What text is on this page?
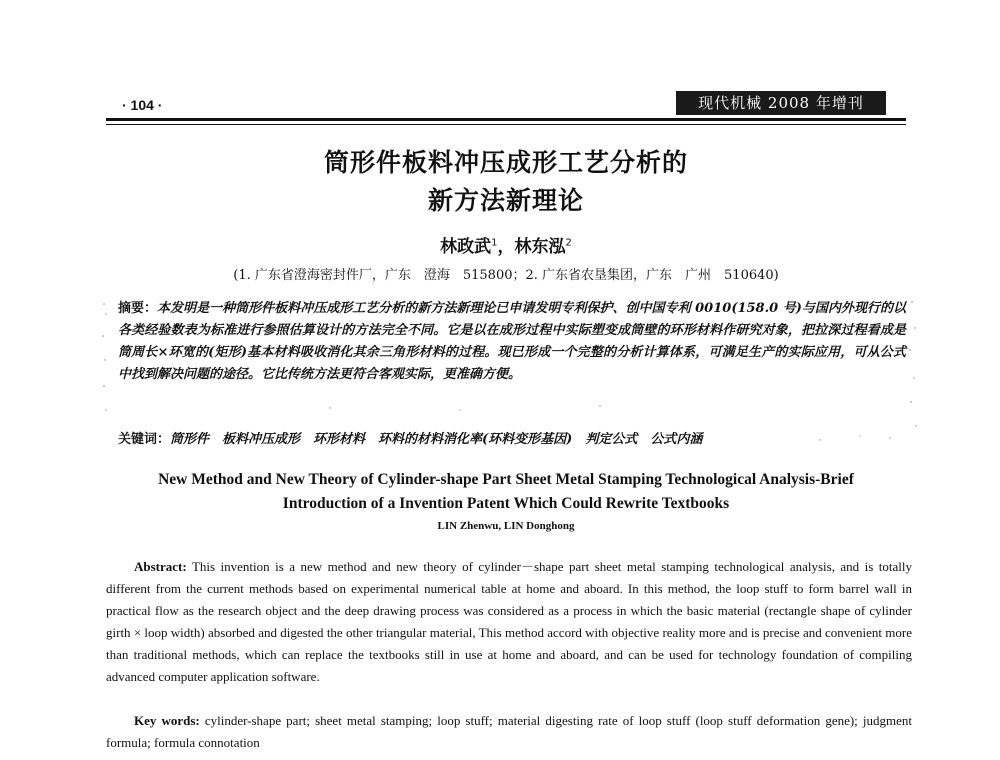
· 104 ·	现代机械 2008 年增刊
筒形件板料冲压成形工艺分析的
新方法新理论
林政武$^1$，林东泓$^2$
(1. 广东省澄海密封件厂，广东　澄海　515800；2. 广东省农垦集团，广东　广州　510640)
摘要：本发明是一种筒形件板料冲压成形工艺分析的新方法新理论已申请发明专利保护、创中国专利 0010(158.0 号)与国内外现行的以各类经验数表为标准进行参照估算设计的方法完全不同。它是以在成形过程中实际塑变成筒壁的环形材料作研究对象，把拉深过程看成是筒周长×环宽的(矩形)基本材料吸收消化其余三角形材料的过程。现已形成一个完整的分析计算体系，可满足生产的实际应用，可从公式中找到解决问题的途径。它比传统方法更符合客观实际，更准确方便。
关键词：筒形件　板料冲压成形　环形材料　环料的材料消化率(环料变形基因)　判定公式　公式内涵
New Method and New Theory of Cylinder-shape Part Sheet Metal Stamping Technological Analysis-Brief
Introduction of a Invention Patent Which Could Rewrite Textbooks
LIN Zhenwu, LIN Donghong
Abstract: This invention is a new method and new theory of cylinder－shape part sheet metal stamping technological analysis, and is totally different from the current methods based on experimental numerical table at home and aboard. In this method, the loop stuff to form barrel wall in practical flow as the research object and the deep drawing process was considered as a process in which the basic material (rectangle shape of cylinder girth × loop width) absorbed and digested the other triangular material, This method accord with objective reality more and is precise and convenient more than traditional methods, which can replace the textbooks still in use at home and aboard, and can be used for technology foundation of compiling advanced computer application software.
Key words: cylinder-shape part; sheet metal stamping; loop stuff; material digesting rate of loop stuff (loop stuff deformation gene); judgment formula; formula connotation
